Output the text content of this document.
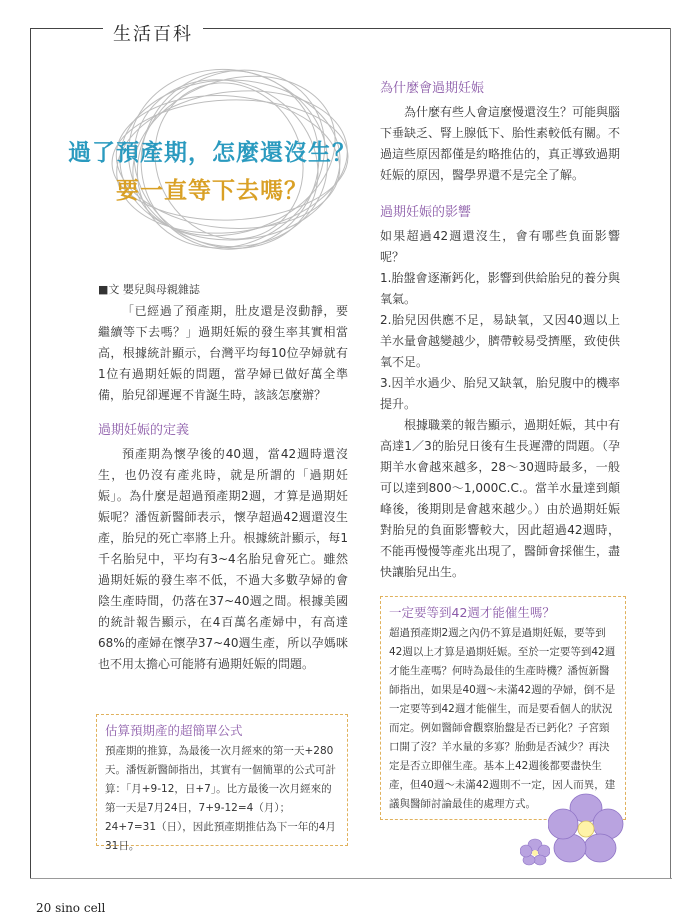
生活百科
過了預產期，怎麼還沒生？
要一直等下去嗎？
■文 嬰兒與母親雜誌

「已經過了預產期，肚皮還是沒動靜，要繼續等下去嗎？」過期妊娠的發生率其實相當高，根據統計顯示，台灣平均每10位孕婦就有1位有過期妊娠的問題，當孕婦已做好萬全準備，胎兒卻遲遲不肯誕生時，該該怎麼辦？

過期妊娠的定義

預產期為懷孕後的40週，當42週時還沒生，也仍沒有產兆時，就是所謂的「過期妊娠」。為什麼是超過預產期2週，才算是過期妊娠呢？潘恆新醫師表示，懷孕超過42週還沒生產，胎兒的死亡率將上升。根據統計顯示，每1千名胎兒中，平均有3~4名胎兒會死亡。雖然過期妊娠的發生率不低，不過大多數孕婦的會陰生產時間，仍落在37~40週之間。根據美國的統計報告顯示，在4百萬名產婦中，有高達68%的產婦在懷孕37~40週生產，所以孕媽咪也不用太擔心可能將有過期妊娠的問題。

估算預期產的超簡單公式
預產期的推算，為最後一次月經來的第一天+280天。潘恆新醫師指出，其實有一個簡單的公式可計算：「月+9-12，日+7」。比方最後一次月經來的第一天是7月24日，7+9-12=4（月）；24+7=31（日），因此預產期推估為下一年的4月31日。
為什麼會過期妊娠

為什麼有些人會這麼慢還沒生？可能與腦下垂缺乏、腎上腺低下、胎性素較低有關。不過這些原因都僅是約略推估的，真正導致過期妊娠的原因，醫學界還不是完全了解。

過期妊娠的影響

如果超過42週還沒生，會有哪些負面影響呢？

1.胎盤會逐漸鈣化，影響到供給胎兒的養分與氧氣。

2.胎兒因供應不足，易缺氧，又因40週以上羊水量會越變越少，臍帶較易受擠壓，致使供氧不足。

3.因羊水過少、胎兒又缺氧，胎兒腹中的機率提升。

根據職業的報告顯示，過期妊娠，其中有高達1／3的胎兒日後有生長遲滯的問題。（孕期羊水會越來越多，28～30週時最多，一般可以達到800～1,000C.C.。當羊水量達到顛峰後，後期則是會越來越少。）由於過期妊娠對胎兒的負面影響較大，因此超過42週時，不能再慢慢等產兆出現了，醫師會採催生，盡快讓胎兒出生。

一定要等到42週才能催生嗎？
超過預產期2週之內仍不算是過期妊娠，要等到42週以上才算是過期妊娠。至於一定要等到42週才能生產嗎？何時為最佳的生產時機？潘恆新醫師指出，如果是40週～未滿42週的孕婦，倒不是一定要等到42週才能催生，而是要看個人的狀況而定。例如醫師會觀察胎盤是否已鈣化？子宮頸口開了沒？羊水量的多寡？胎動是否減少？再決定是否立即催生產。基本上42週後都要盡快生產，但40週～未滿42週則不一定，因人而異，建議與醫師討論最佳的處理方式。
20 sino cell
